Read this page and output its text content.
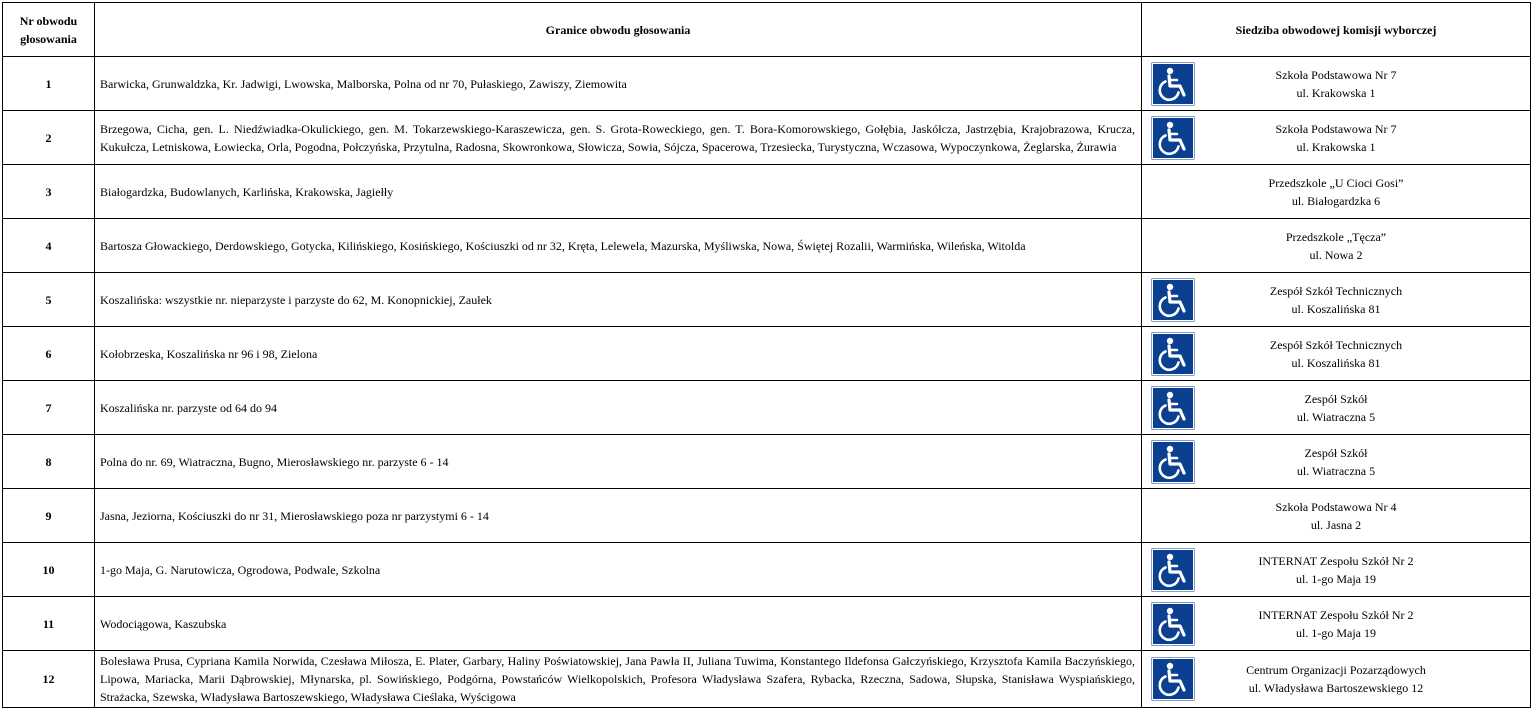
Nr obwodu głosowania	Granice obwodu głosowania	Siedziba obwodowej komisji wyborczej
1	Barwicka, Grunwaldzka, Kr. Jadwigi, Lwowska, Malborska, Polna od nr 70, Pułaskiego, Zawiszy, Ziemowita	Szkoła Podstawowa Nr 7
ul. Krakowska 1

2	Brzegowa, Cicha, gen. L. Niedźwiadka-Okulickiego, gen. M. Tokarzewskiego-Karaszewicza, gen. S. Grota-Roweckiego, gen. T. Bora-Komorowskiego, Gołębia, Jaskółcza, Jastrzębia, Krajobrazowa, Krucza, Kukułcza, Letniskowa, Łowiecka, Orla, Pogodna, Połczyńska, Przytulna, Radosna, Skowronkowa, Słowicza, Sowia, Sójcza, Spacerowa, Trzesiecka, Turystyczna, Wczasowa, Wypoczynkowa, Żeglarska, Żurawia	Szkoła Podstawowa Nr 7
ul. Krakowska 1

3	Białogardzka, Budowlanych, Karlińska, Krakowska, Jagiełły	Przedszkole „U Cioci Gosi”
ul. Białogardzka 6

4	Bartosza Głowackiego, Derdowskiego, Gotycka, Kilińskiego, Kosińskiego, Kościuszki od nr 32, Kręta, Lelewela, Mazurska, Myśliwska, Nowa, Świętej Rozalii, Warmińska, Wileńska, Witolda	Przedszkole „Tęcza”
ul. Nowa 2

5	Koszalińska: wszystkie nr. nieparzyste i parzyste do 62, M. Konopnickiej, Zaułek	Zespół Szkół Technicznych
ul. Koszalińska 81

6	Kołobrzeska, Koszalińska nr 96 i 98, Zielona	Zespół Szkół Technicznych
ul. Koszalińska 81

7	Koszalińska nr. parzyste od 64 do 94	Zespół Szkół
ul. Wiatraczna 5

8	Polna do nr. 69, Wiatraczna, Bugno, Mierosławskiego nr. parzyste 6 - 14	Zespół Szkół
ul. Wiatraczna 5

9	Jasna, Jeziorna, Kościuszki do nr 31, Mierosławskiego poza nr parzystymi 6 - 14	Szkoła Podstawowa Nr 4
ul. Jasna 2

10	1-go Maja, G. Narutowicza, Ogrodowa, Podwale, Szkolna	INTERNAT Zespołu Szkół Nr 2
ul. 1-go Maja 19

11	Wodociągowa, Kaszubska	INTERNAT Zespołu Szkół Nr 2
ul. 1-go Maja 19

12	Bolesława Prusa, Cypriana Kamila Norwida, Czesława Miłosza, E. Plater, Garbary, Haliny Poświatowskiej, Jana Pawła II, Juliana Tuwima, Konstantego Ildefonsa Gałczyńskiego, Krzysztofa Kamila Baczyńskiego, Lipowa, Mariacka, Marii Dąbrowskiej, Młynarska, pl. Sowińskiego, Podgórna, Powstańców Wielkopolskich, Profesora Władysława Szafera, Rybacka, Rzeczna, Sadowa, Słupska, Stanisława Wyspiańskiego, Strażacka, Szewska, Władysława Bartoszewskiego, Władysława Cieślaka, Wyścigowa	Centrum Organizacji Pozarządowych
ul. Władysława Bartoszewskiego 12
